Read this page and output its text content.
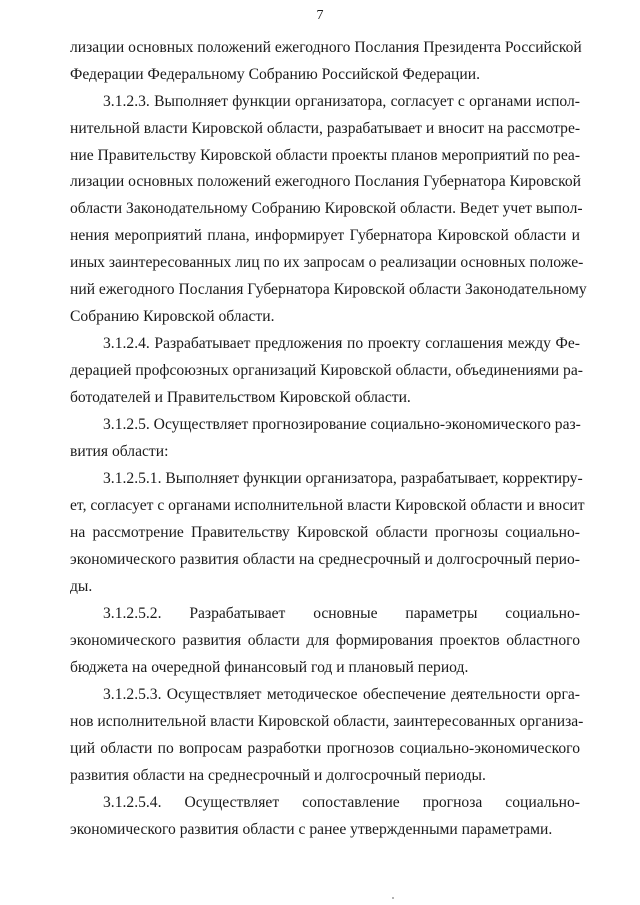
7
лизации основных положений ежегодного Послания Президента Российской
Федерации Федеральному Собранию Российской Федерации.
3.1.2.3. Выполняет функции организатора, согласует с органами испол-
нительной власти Кировской области, разрабатывает и вносит на рассмотре-
ние Правительству Кировской области проекты планов мероприятий по реа-
лизации основных положений ежегодного Послания Губернатора Кировской
области Законодательному Собранию Кировской области. Ведет учет выпол-
нения мероприятий плана, информирует Губернатора Кировской области и
иных заинтересованных лиц по их запросам о реализации основных положе-
ний ежегодного Послания Губернатора Кировской области Законодательному
Собранию Кировской области.
3.1.2.4. Разрабатывает предложения по проекту соглашения между Фе-
дерацией профсоюзных организаций Кировской области, объединениями ра-
ботодателей и Правительством Кировской области.
3.1.2.5. Осуществляет прогнозирование социально-экономического раз-
вития области:
3.1.2.5.1. Выполняет функции организатора, разрабатывает, корректиру-
ет, согласует с органами исполнительной власти Кировской области и вносит
на рассмотрение Правительству Кировской области прогнозы социально-
экономического развития области на среднесрочный и долгосрочный перио-
ды.
3.1.2.5.2. Разрабатывает основные параметры социально-
экономического развития области для формирования проектов областного
бюджета на очередной финансовый год и плановый период.
3.1.2.5.3. Осуществляет методическое обеспечение деятельности орга-
нов исполнительной власти Кировской области, заинтересованных организа-
ций области по вопросам разработки прогнозов социально-экономического
развития области на среднесрочный и долгосрочный периоды.
3.1.2.5.4. Осуществляет сопоставление прогноза социально-
экономического развития области с ранее утвержденными параметрами.
